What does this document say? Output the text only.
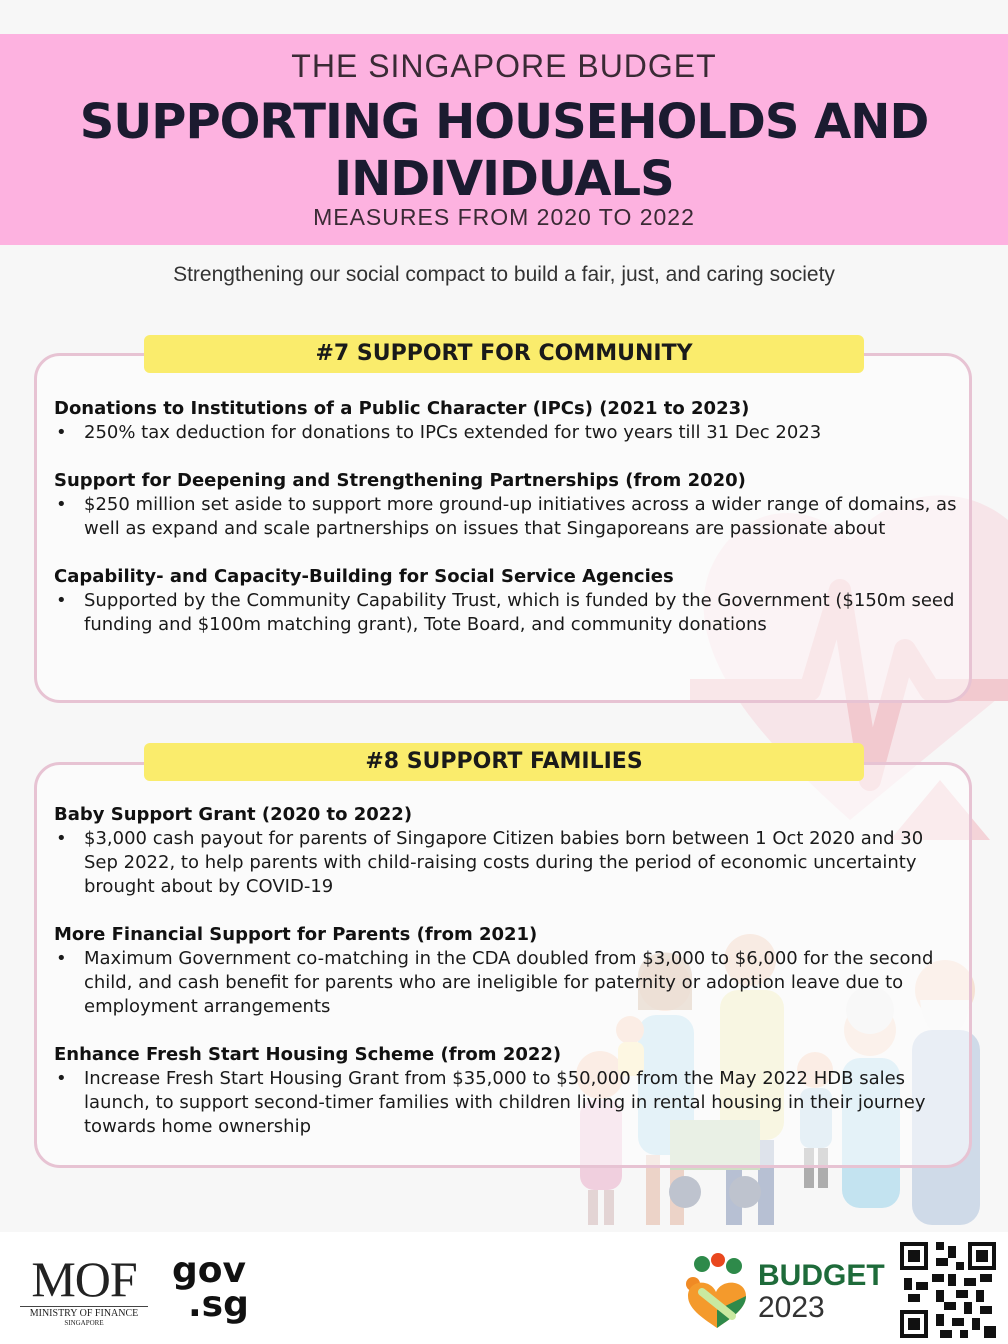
THE SINGAPORE BUDGET
SUPPORTING HOUSEHOLDS AND
INDIVIDUALS
MEASURES FROM 2020 TO 2022
Strengthening our social compact to build a fair, just, and caring society
#7 SUPPORT FOR COMMUNITY
Donations to Institutions of a Public Character (IPCs) (2021 to 2023)
• 250% tax deduction for donations to IPCs extended for two years till 31 Dec 2023
Support for Deepening and Strengthening Partnerships (from 2020)
• $250 million set aside to support more ground-up initiatives across a wider range of domains, as well as expand and scale partnerships on issues that Singaporeans are passionate about
Capability- and Capacity-Building for Social Service Agencies
• Supported by the Community Capability Trust, which is funded by the Government ($150m seed funding and $100m matching grant), Tote Board, and community donations
#8 SUPPORT FAMILIES
Baby Support Grant (2020 to 2022)
• $3,000 cash payout for parents of Singapore Citizen babies born between 1 Oct 2020 and 30 Sep 2022, to help parents with child-raising costs during the period of economic uncertainty brought about by COVID-19
More Financial Support for Parents (from 2021)
• Maximum Government co-matching in the CDA doubled from $3,000 to $6,000 for the second child, and cash benefit for parents who are ineligible for paternity or adoption leave due to employment arrangements
Enhance Fresh Start Housing Scheme (from 2022)
• Increase Fresh Start Housing Grant from $35,000 to $50,000 from the May 2022 HDB sales launch, to support second-timer families with children living in rental housing in their journey towards home ownership
MOF
MINISTRY OF FINANCE
SINGAPORE
gov
.sg
BUDGET
2023
